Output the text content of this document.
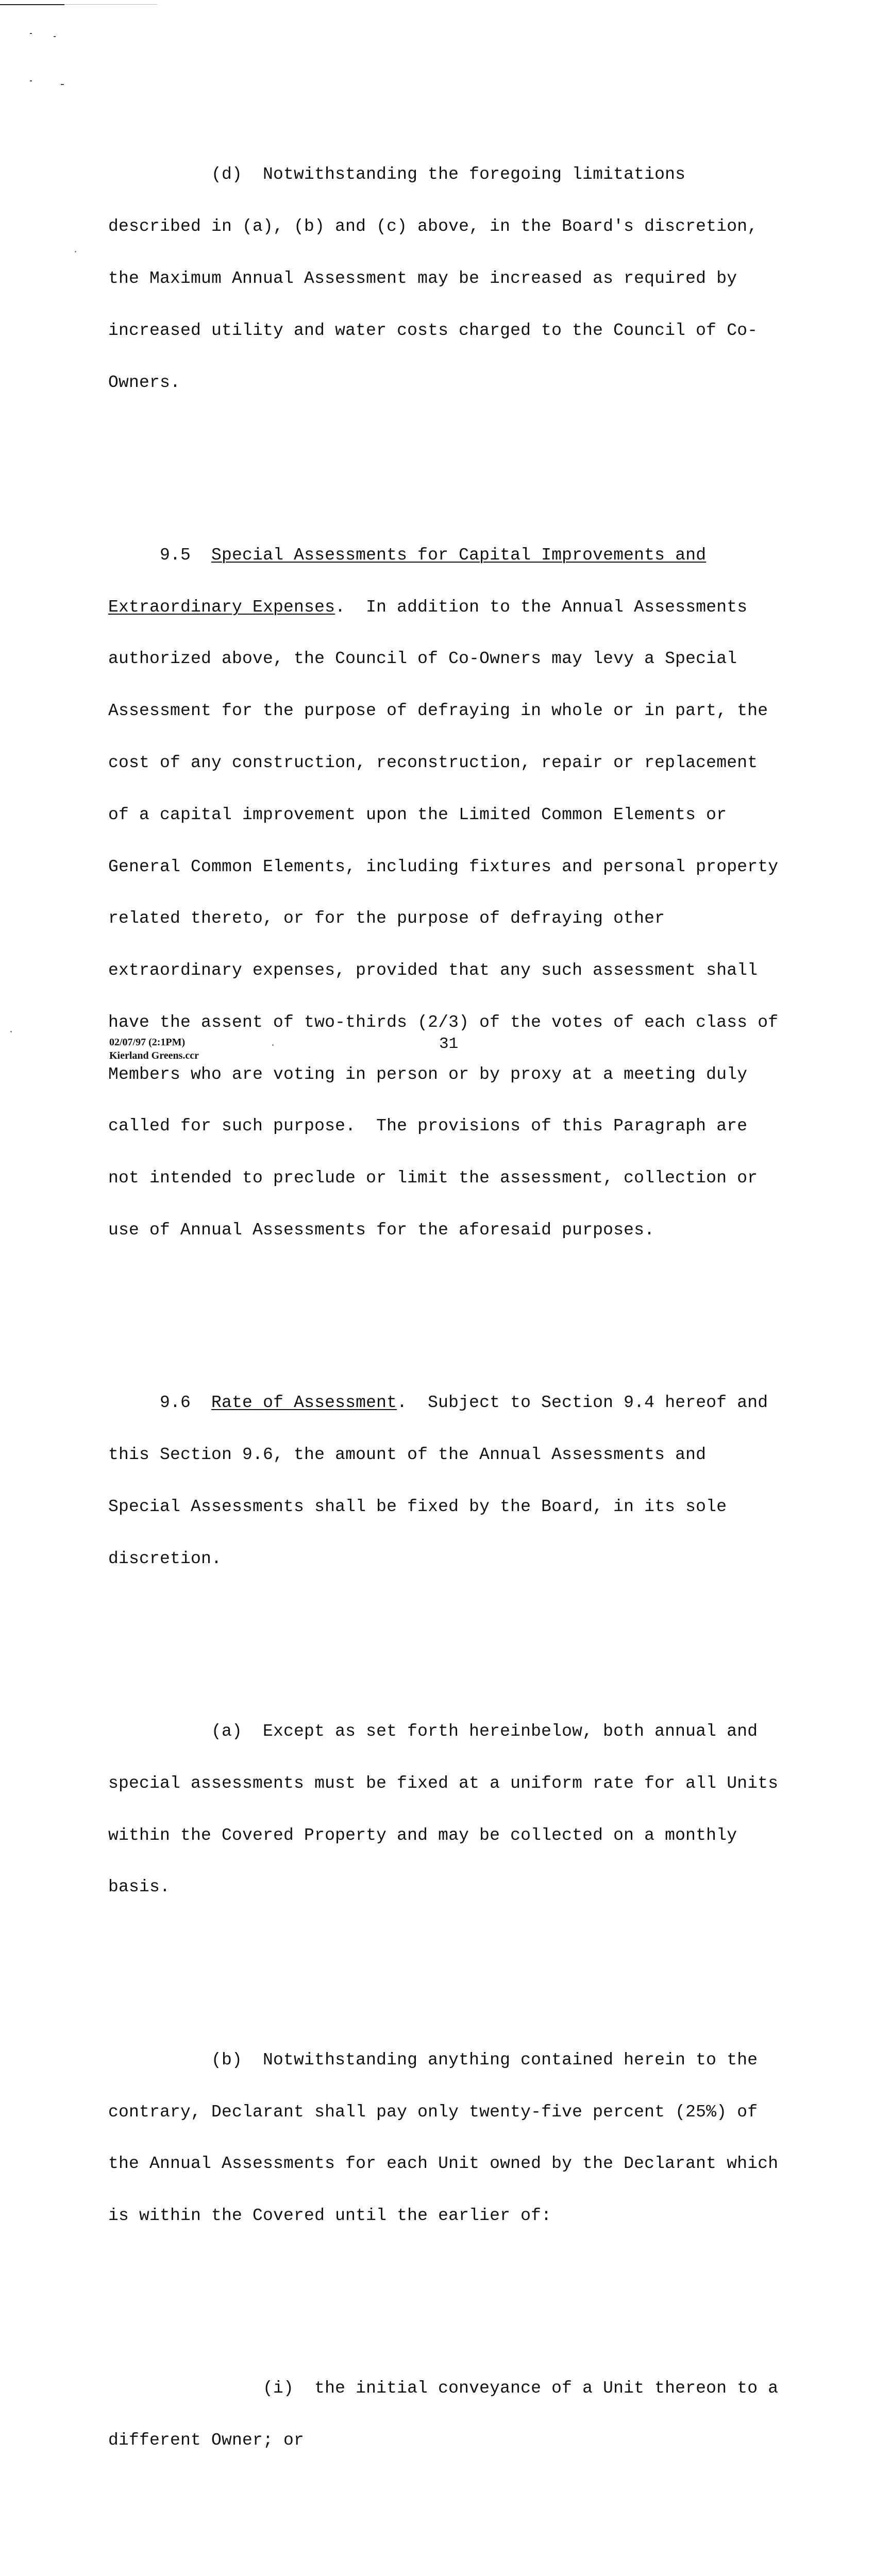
(d)  Notwithstanding the foregoing limitations

described in (a), (b) and (c) above, in the Board's discretion,

the Maximum Annual Assessment may be increased as required by

increased utility and water costs charged to the Council of Co-

Owners.

9.5  Special Assessments for Capital Improvements and

Extraordinary Expenses.  In addition to the Annual Assessments

authorized above, the Council of Co-Owners may levy a Special

Assessment for the purpose of defraying in whole or in part, the

cost of any construction, reconstruction, repair or replacement

of a capital improvement upon the Limited Common Elements or

General Common Elements, including fixtures and personal property

related thereto, or for the purpose of defraying other

extraordinary expenses, provided that any such assessment shall

have the assent of two-thirds (2/3) of the votes of each class of

Members who are voting in person or by proxy at a meeting duly

called for such purpose.  The provisions of this Paragraph are

not intended to preclude or limit the assessment, collection or

use of Annual Assessments for the aforesaid purposes.

9.6  Rate of Assessment.  Subject to Section 9.4 hereof and

this Section 9.6, the amount of the Annual Assessments and

Special Assessments shall be fixed by the Board, in its sole

discretion.

(a)  Except as set forth hereinbelow, both annual and

special assessments must be fixed at a uniform rate for all Units

within the Covered Property and may be collected on a monthly

basis.

(b)  Notwithstanding anything contained herein to the

contrary, Declarant shall pay only twenty-five percent (25%) of

the Annual Assessments for each Unit owned by the Declarant which

is within the Covered until the earlier of:

(i)  the initial conveyance of a Unit thereon to a

different Owner; or

02/07/97 (2:1PM)
Kierland Greens.ccr
31
